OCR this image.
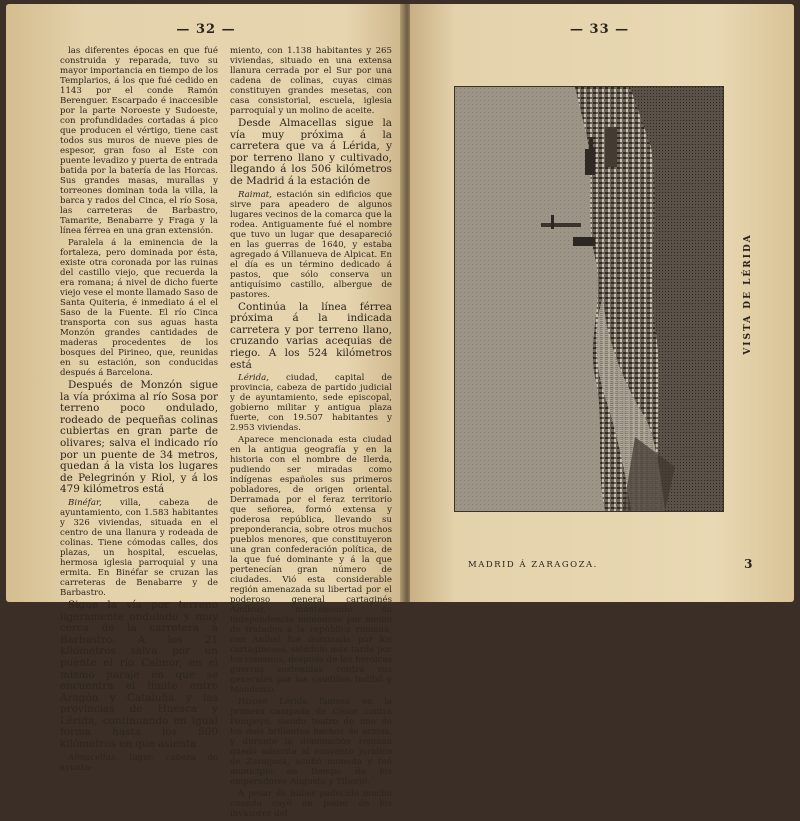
— 32 —

las diferentes épocas en que fué construida y reparada, tuvo su mayor importancia en tiempo de los Templarios, á los que fué cedido en 1143 por el conde Ramón Berenguer. Escarpado é inaccesible por la parte Noroeste y Sudoeste, con profundidades cortadas á pico que producen el vértigo, tiene cast todos sus muros de nueve pies de espesor, gran foso al Este con puente levadizo y puerta de entrada batida por la batería de las Horcas. Sus grandes masas, murallas y torreones dominan toda la villa, la barca y rados del Cinca, el río Sosa, las carreteras de Barbastro, Tamarite, Benabarre y Fraga y la línea férrea en una gran extensión.

Paralela á la eminencia de la fortaleza, pero dominada por ésta, existe otra coronada por las ruinas del castillo viejo, que recuerda la era romana; á nivel de dicho fuerte viejo vese el monte llamado Saso de Santa Quiteria, é inmediato á el el Saso de la Fuente. El río Cinca transporta con sus aguas hasta Monzón grandes cantidades de maderas procedentes de los bosques del Pirineo, que, reunidas en su estación, son conducidas después á Barcelona.

Después de Monzón sigue la vía próxima al río Sosa por terreno poco ondulado, rodeado de pequeñas colinas cubiertas en gran parte de olivares; salva el indicado río por un puente de 34 metros, quedan á la vista los lugares de Pelegrinón y Riol, y á los 479 kilómetros está

Binéfar, villa, cabeza de ayuntamiento, con 1.583 habitantes y 326 viviendas, situada en el centro de una llanura y rodeada de colinas. Tiene cómodas calles, dos plazas, un hospital, escuelas, hermosa iglesia parroquial y una ermita. En Binéfar se cruzan las carreteras de Benabarre y de Barbastro.

Sigue la vía por terreno ligeramente ondulado y muy cerca de la carretera á Barbastro. A los 21 kilómetros salva por un puente el río Calmor, en el mismo paraje en que se encuentra el límite entre Aragón y Cataluña y las provincias de Huesca y Lérida, continuando en igual forma hasta los 500 kilómetros en que asienta

Almacellas, lugar, cabeza de ayunta-

miento, con 1.138 habitantes y 265 viviendas, situado en una extensa llanura cerrada por el Sur por una cadena de colinas, cuyas cimas constituyen grandes mesetas, con casa consistorial, escuela, iglesia parroquial y un molino de aceite.

Desde Almacellas sigue la vía muy próxima á la carretera que va á Lérida, y por terreno llano y cultivado, llegando á los 506 kilómetros de Madrid á la estación de

Raimat, estación sin edificios que sirve para apeadero de algunos lugares vecinos de la comarca que la rodea. Antiguamente fué el nombre que tuvo un lugar que desapareció en las guerras de 1640, y estaba agregado á Villanueva de Alpicat. En el día es un término dedicado á pastos, que sólo conserva un antiquísimo castillo, albergue de pastores.

Continúa la línea férrea próxima á la indicada carretera y por terreno llano, cruzando varias acequias de riego. A los 524 kilómetros está

Lérida, ciudad, capital de provincia, cabeza de partido judicial y de ayuntamiento, sede episcopal, gobierno militar y antigua plaza fuerte, con 19.507 habitantes y 2.953 viviendas.

Aparece mencionada esta ciudad en la antigua geografía y en la historia con el nombre de Ilerda, pudiendo ser miradas como indígenas españoles sus primeros pobladores, de origen oriental. Derramada por el feraz territorio que señorea, formó extensa y poderosa república, llevando su preponderancia, sobre otros muchos pueblos menores, que constituyeron una gran confederación política, de la que fué dominante y á la que pertenecían gran número de ciudades. Vió esta considerable región amenazada su libertad por el poderoso general cartaginés Amílcar, manteniendo su independencia uniéndose por medio de tratados á la república romana; con Aníbal fué dominada por los cartagineses, siéndolo más tarde por los romanos, después de las heróicas guerras sostenidas contra sus generales por los caudillos Indíbil y Mandonio.

Hízose Lérida famosa en la primera campaña de César contra Pompeyo, siendo teatro de uno de los más brillantes hechos de armas, y durante la dominación romana quedó adscrita al convento jurídico de Zaragoza, acuñó moneda y fué municipio en tiempo de los emperadores Augusto y Tiberio.

A pesar de haber padecido mucho cuando cayó en poder de los invasores del

— 33 —
VISTA DE LÉRIDA
MADRID Á ZARAGOZA.	3
